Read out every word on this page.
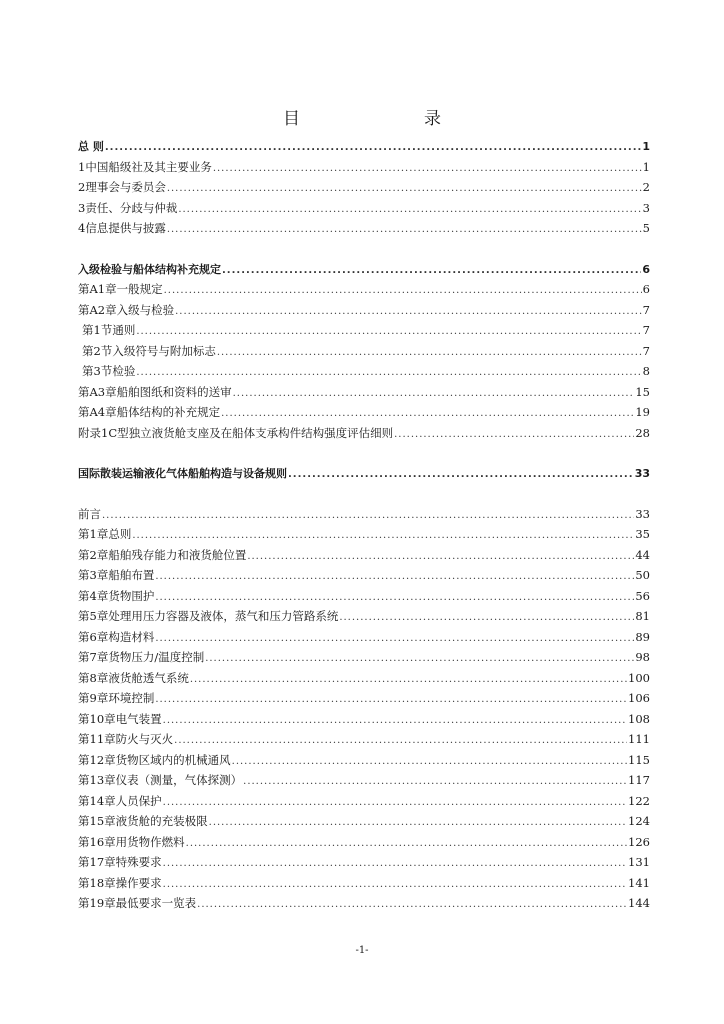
目　　录
总 则 .....	1
1 中国船级社及其主要业务 .....	1
2 理事会与委员会 .....	2
3 责任、分歧与仲裁 .....	3
4 信息提供与披露 .....	5
入级检验与船体结构补充规定 .....	6
第A1章 一般规定 .....	6
第A2章 入级与检验 .....	7
第1节 通则 .....	7
第2节 入级符号与附加标志 .....	7
第3节 检验 .....	8
第A3章 船舶图纸和资料的送审 .....	15
第A4章 船体结构的补充规定 .....	19
附录1 C型独立液货舱支座及在船体支承构件结构强度评估细则 .....	28
国际散装运输液化气体船舶构造与设备规则 .....	33
前言 .....	33
第1章 总则 .....	35
第2章 船舶残存能力和液货舱位置 .....	44
第3章 船舶布置 .....	50
第4章 货物围护 .....	56
第5章 处理用压力容器及液体，蒸气和压力管路系统 .....	81
第6章 构造材料 .....	89
第7章 货物压力/温度控制 .....	98
第8章 液货舱透气系统 .....	100
第9章 环境控制 .....	106
第10章 电气装置 .....	108
第11章 防火与灭火 .....	111
第12章 货物区域内的机械通风 .....	115
第13章 仪表（测量，气体探测） .....	117
第14章 人员保护 .....	122
第15章 液货舱的充装极限 .....	124
第16章 用货物作燃料 .....	126
第17章 特殊要求 .....	131
第18章 操作要求 .....	141
第19章 最低要求一览表 .....	144
-1-
